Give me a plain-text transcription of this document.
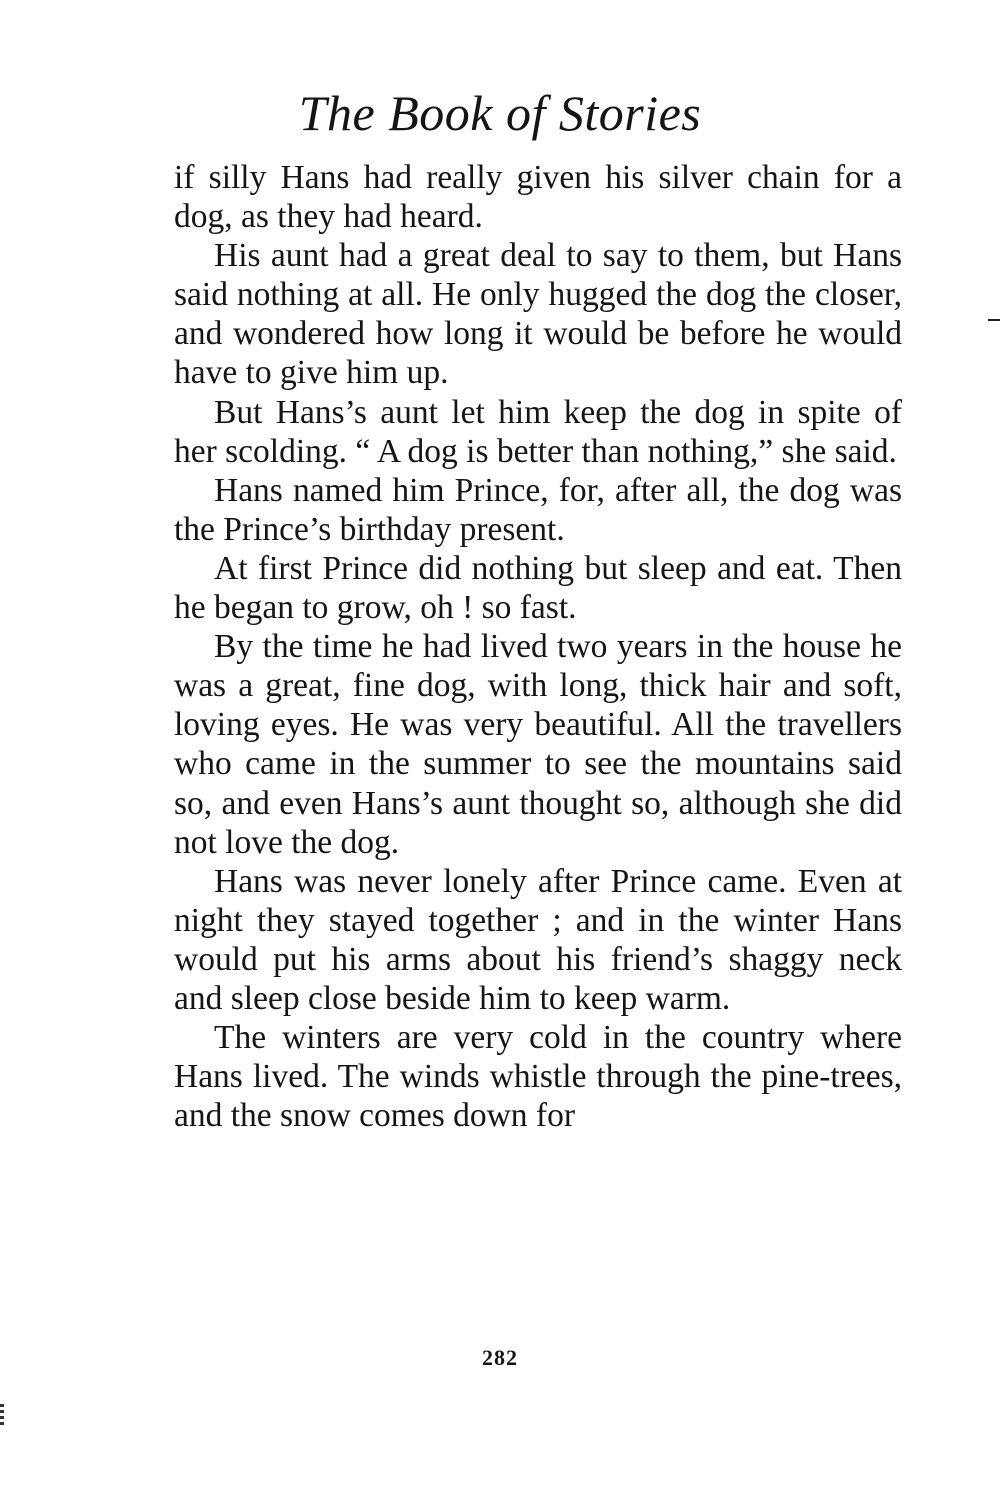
The Book of Stories

if silly Hans had really given his silver chain for a dog, as they had heard.

His aunt had a great deal to say to them, but Hans said nothing at all. He only hugged the dog the closer, and wondered how long it would be before he would have to give him up.

But Hans’s aunt let him keep the dog in spite of her scolding. “ A dog is better than nothing,” she said.

Hans named him Prince, for, after all, the dog was the Prince’s birthday present.

At first Prince did nothing but sleep and eat. Then he began to grow, oh ! so fast.

By the time he had lived two years in the house he was a great, fine dog, with long, thick hair and soft, loving eyes. He was very beautiful. All the travellers who came in the summer to see the mountains said so, and even Hans’s aunt thought so, although she did not love the dog.

Hans was never lonely after Prince came. Even at night they stayed together ; and in the winter Hans would put his arms about his friend’s shaggy neck and sleep close beside him to keep warm.

The winters are very cold in the country where Hans lived. The winds whistle through the pine-trees, and the snow comes down for

282
